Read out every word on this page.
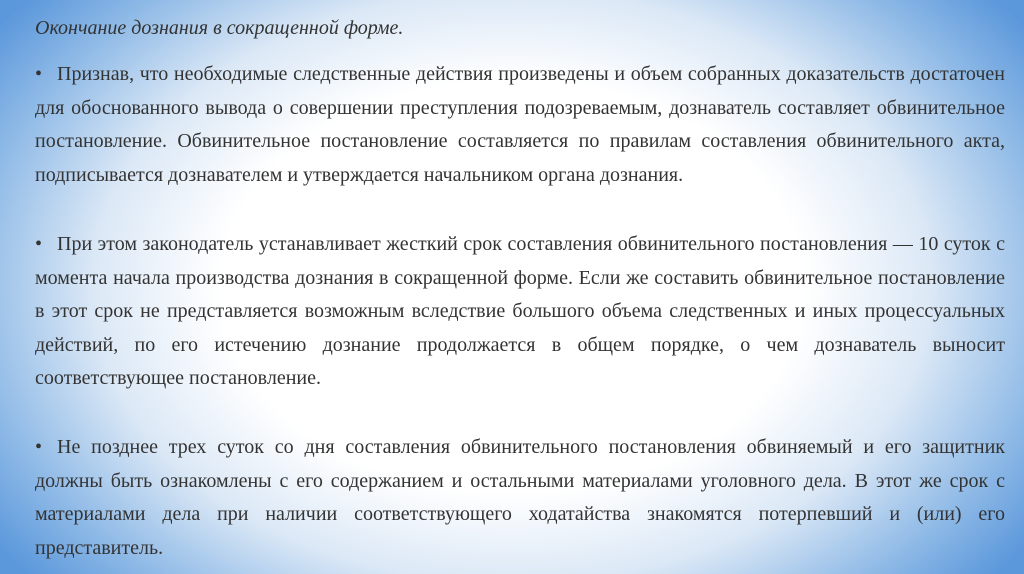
Окончание дознания в сокращенной форме.

• Признав, что необходимые следственные действия произведены и объем собранных доказательств достаточен для обоснованного вывода о совершении преступления подозреваемым, дознаватель составляет обвинительное постановление. Обвинительное постановление составляется по правилам составления обвинительного акта, подписывается дознавателем и утверждается начальником органа дознания.

• При этом законодатель устанавливает жесткий срок составления обвинительного постановления — 10 суток с момента начала производства дознания в сокращенной форме. Если же составить обвинительное постановление в этот срок не представляется возможным вследствие большого объема следственных и иных процессуальных действий, по его истечению дознание продолжается в общем порядке, о чем дознаватель выносит соответствующее постановление.

• Не позднее трех суток со дня составления обвинительного постановления обвиняемый и его защитник должны быть ознакомлены с его содержанием и остальными материалами уголовного дела. В этот же срок с материалами дела при наличии соответствующего ходатайства знакомятся потерпевший и (или) его представитель.
